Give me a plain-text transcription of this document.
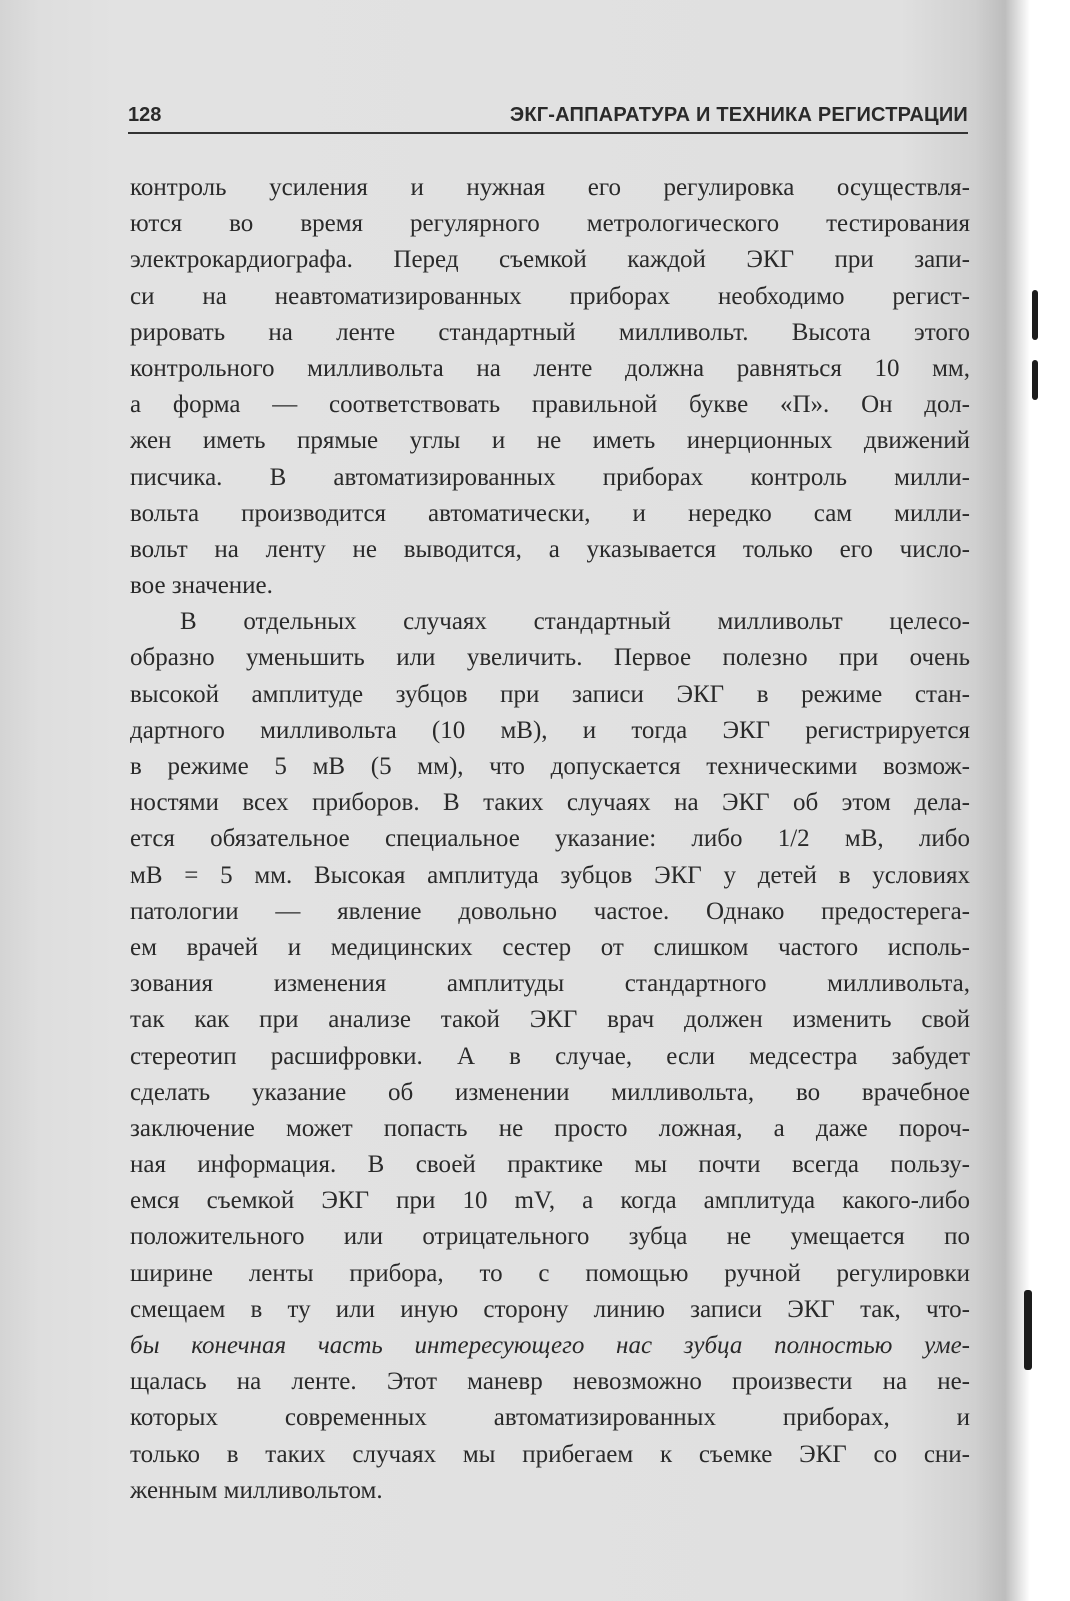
128	ЭКГ-АППАРАТУРА И ТЕХНИКА РЕГИСТРАЦИИ
контроль усиления и нужная его регулировка осуществля-
ются во время регулярного метрологического тестирования
электрокардиографа. Перед съемкой каждой ЭКГ при запи-
си на неавтоматизированных приборах необходимо регист-
рировать на ленте стандартный милливольт. Высота этого
контрольного милливольта на ленте должна равняться 10 мм,
а форма — соответствовать правильной букве «П». Он дол-
жен иметь прямые углы и не иметь инерционных движений
писчика. В автоматизированных приборах контроль милли-
вольта производится автоматически, и нередко сам милли-
вольт на ленту не выводится, а указывается только его число-
вое значение.
В отдельных случаях стандартный милливольт целесо-
образно уменьшить или увеличить. Первое полезно при очень
высокой амплитуде зубцов при записи ЭКГ в режиме стан-
дартного милливольта (10 мВ), и тогда ЭКГ регистрируется
в режиме 5 мВ (5 мм), что допускается техническими возмож-
ностями всех приборов. В таких случаях на ЭКГ об этом дела-
ется обязательное специальное указание: либо 1/2 мВ, либо
мВ = 5 мм. Высокая амплитуда зубцов ЭКГ у детей в условиях
патологии — явление довольно частое. Однако предостерега-
ем врачей и медицинских сестер от слишком частого исполь-
зования изменения амплитуды стандартного милливольта,
так как при анализе такой ЭКГ врач должен изменить свой
стереотип расшифровки. А в случае, если медсестра забудет
сделать указание об изменении милливольта, во врачебное
заключение может попасть не просто ложная, а даже пороч-
ная информация. В своей практике мы почти всегда пользу-
емся съемкой ЭКГ при 10 mV, а когда амплитуда какого-либо
положительного или отрицательного зубца не умещается по
ширине ленты прибора, то с помощью ручной регулировки
смещаем в ту или иную сторону линию записи ЭКГ так, что-
бы конечная часть интересующего нас зубца полностью уме-
щалась на ленте. Этот маневр невозможно произвести на не-
которых современных автоматизированных приборах, и
только в таких случаях мы прибегаем к съемке ЭКГ со сни-
женным милливольтом.
